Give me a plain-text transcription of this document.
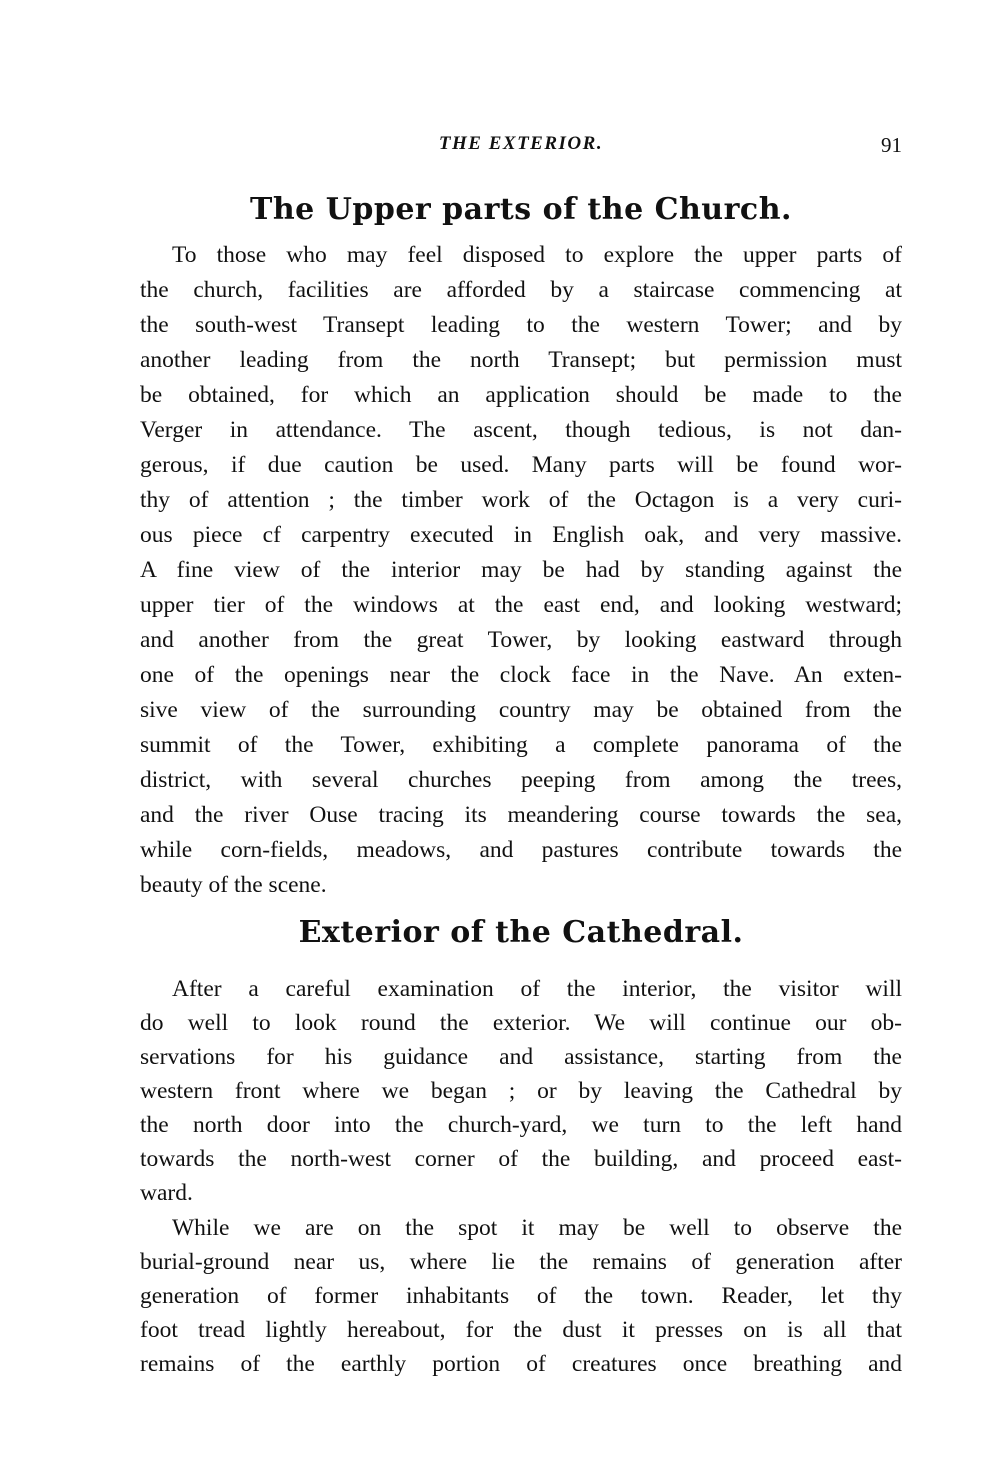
THE EXTERIOR.	91
The Upper parts of the Church.
To those who may feel disposed to explore the upper parts of
the church, facilities are afforded by a staircase commencing at
the south-west Transept leading to the western Tower; and by
another leading from the north Transept; but permission must
be obtained, for which an application should be made to the
Verger in attendance. The ascent, though tedious, is not dan-
gerous, if due caution be used. Many parts will be found wor-
thy of attention ; the timber work of the Octagon is a very curi-
ous piece cf carpentry executed in English oak, and very massive.
A fine view of the interior may be had by standing against the
upper tier of the windows at the east end, and looking westward;
and another from the great Tower, by looking eastward through
one of the openings near the clock face in the Nave. An exten-
sive view of the surrounding country may be obtained from the
summit of the Tower, exhibiting a complete panorama of the
district, with several churches peeping from among the trees,
and the river Ouse tracing its meandering course towards the sea,
while corn-fields, meadows, and pastures contribute towards the
beauty of the scene.
Exterior of the Cathedral.
After a careful examination of the interior, the visitor will
do well to look round the exterior. We will continue our ob-
servations for his guidance and assistance, starting from the
western front where we began ; or by leaving the Cathedral by
the north door into the church-yard, we turn to the left hand
towards the north-west corner of the building, and proceed east-
ward.
While we are on the spot it may be well to observe the
burial-ground near us, where lie the remains of generation after
generation of former inhabitants of the town. Reader, let thy
foot tread lightly hereabout, for the dust it presses on is all that
remains of the earthly portion of creatures once breathing and
